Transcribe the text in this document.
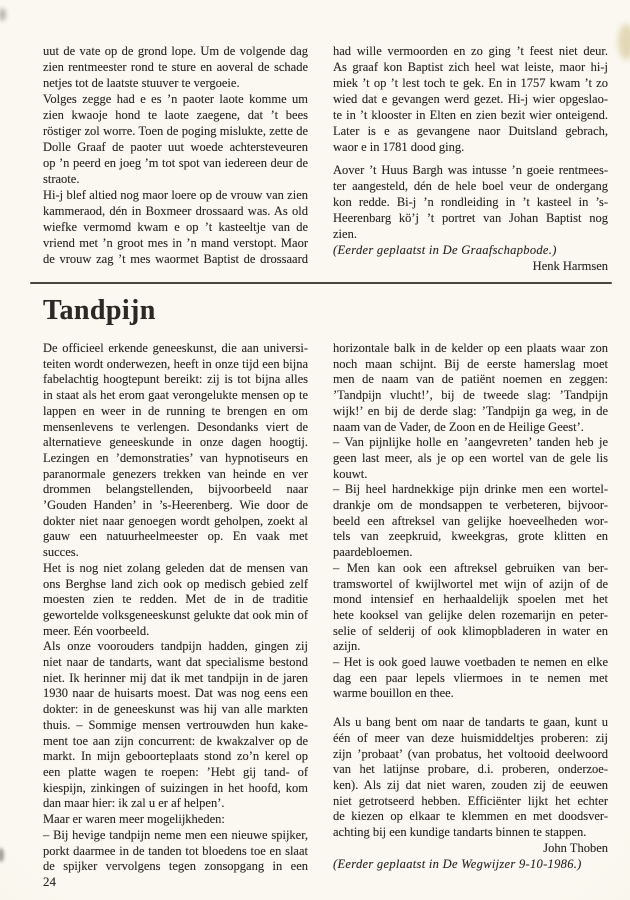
uut de vate op de grond lope. Um de volgende dag
zien rentmeester rond te sture en aoveral de schade
netjes tot de laatste stuuver te vergoeie.
Volges zegge had e es ’n paoter laote komme um
zien kwaoje hond te laote zaegene, dat ’t bees
röstiger zol worre. Toen de poging mislukte, zette de
Dolle Graaf de paoter uut woede achtersteveuren
op ’n peerd en joeg ’m tot spot van iedereen deur de
straote.
Hi-j blef altied nog maor loere op de vrouw van zien
kammeraod, dén in Boxmeer drossaard was. As old
wiefke vermomd kwam e op ’t kasteeltje van de
vriend met ’n groot mes in ’n mand verstopt. Maor
de vrouw zag ’t mes waormet Baptist de drossaard
had wille vermoorden en zo ging ’t feest niet deur.
As graaf kon Baptist zich heel wat leiste, maor hi-j
miek ’t op ’t lest toch te gek. En in 1757 kwam ’t zo
wied dat e gevangen werd gezet. Hi-j wier opgeslao-
te in ’t klooster in Elten en zien bezit wier onteigend.
Later is e as gevangene naor Duitsland gebrach,
waor e in 1781 dood ging.
Aover ’t Huus Bargh was intusse ’n goeie rentmees-
ter aangesteld, dén de hele boel veur de ondergang
kon redde. Bi-j ’n rondleiding in ’t kasteel in ’s-
Heerenbarg kö’j ’t portret van Johan Baptist nog
zien.
(Eerder geplaatst in De Graafschapbode.)
Henk Harmsen
Tandpijn
De officieel erkende geneeskunst, die aan universi-
teiten wordt onderwezen, heeft in onze tijd een bijna
fabelachtig hoogtepunt bereikt: zij is tot bijna alles
in staat als het erom gaat verongelukte mensen op te
lappen en weer in de running te brengen en om
mensenlevens te verlengen. Desondanks viert de
alternatieve geneeskunde in onze dagen hoogtij.
Lezingen en ’demonstraties’ van hypnotiseurs en
paranormale genezers trekken van heinde en ver
drommen belangstellenden, bijvoorbeeld naar
’Gouden Handen’ in ’s-Heerenberg. Wie door de
dokter niet naar genoegen wordt geholpen, zoekt al
gauw een natuurheelmeester op. En vaak met
succes.
Het is nog niet zolang geleden dat de mensen van
ons Berghse land zich ook op medisch gebied zelf
moesten zien te redden. Met de in de traditie
gewortelde volksgeneeskunst gelukte dat ook min of
meer. Eén voorbeeld.
Als onze voorouders tandpijn hadden, gingen zij
niet naar de tandarts, want dat specialisme bestond
niet. Ik herinner mij dat ik met tandpijn in de jaren
1930 naar de huisarts moest. Dat was nog eens een
dokter: in de geneeskunst was hij van alle markten
thuis. – Sommige mensen vertrouwden hun kake-
ment toe aan zijn concurrent: de kwakzalver op de
markt. In mijn geboorteplaats stond zo’n kerel op
een platte wagen te roepen: ’Hebt gij tand- of
kiespijn, zinkingen of suizingen in het hoofd, kom
dan maar hier: ik zal u er af helpen’.
Maar er waren meer mogelijkheden:
– Bij hevige tandpijn neme men een nieuwe spijker,
porkt daarmee in de tanden tot bloedens toe en slaat
de spijker vervolgens tegen zonsopgang in een
horizontale balk in de kelder op een plaats waar zon
noch maan schijnt. Bij de eerste hamerslag moet
men de naam van de patiënt noemen en zeggen:
’Tandpijn vlucht!’, bij de tweede slag: ’Tandpijn
wijk!’ en bij de derde slag: ’Tandpijn ga weg, in de
naam van de Vader, de Zoon en de Heilige Geest’.
– Van pijnlijke holle en ’aangevreten’ tanden heb je
geen last meer, als je op een wortel van de gele lis
kouwt.
– Bij heel hardnekkige pijn drinke men een wortel-
drankje om de mondsappen te verbeteren, bijvoor-
beeld een aftreksel van gelijke hoeveelheden wor-
tels van zeepkruid, kweekgras, grote klitten en
paardebloemen.
– Men kan ook een aftreksel gebruiken van ber-
tramswortel of kwijlwortel met wijn of azijn of de
mond intensief en herhaaldelijk spoelen met het
hete kooksel van gelijke delen rozemarijn en peter-
selie of selderij of ook klimopbladeren in water en
azijn.
– Het is ook goed lauwe voetbaden te nemen en elke
dag een paar lepels vliermoes in te nemen met
warme bouillon en thee.
Als u bang bent om naar de tandarts te gaan, kunt u
één of meer van deze huismiddeltjes proberen: zij
zijn ’probaat’ (van probatus, het voltooid deelwoord
van het latijnse probare, d.i. proberen, onderzoe-
ken). Als zij dat niet waren, zouden zij de eeuwen
niet getrotseerd hebben. Efficiënter lijkt het echter
de kiezen op elkaar te klemmen en met doodsver-
achting bij een kundige tandarts binnen te stappen.
John Thoben
(Eerder geplaatst in De Wegwijzer 9-10-1986.)
24
